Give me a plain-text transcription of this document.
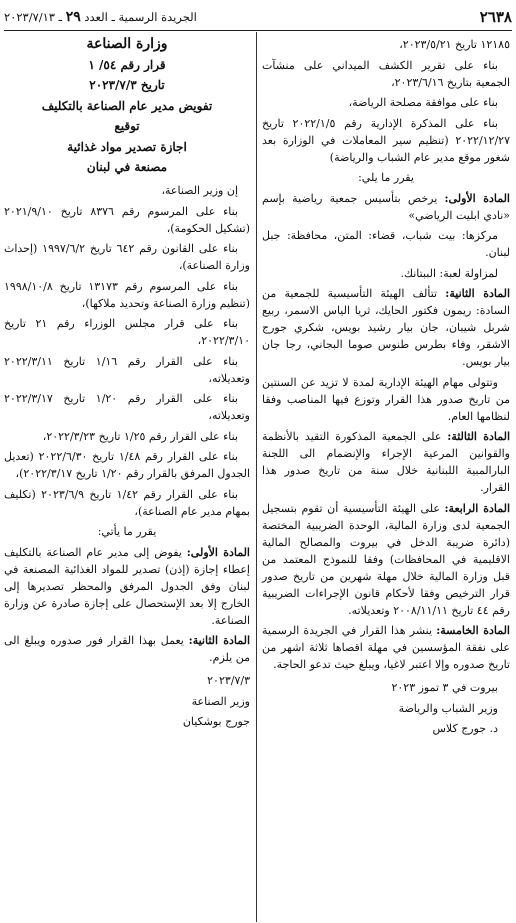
٢٦٣٨
الجريدة الرسمية ـ العدد ٢٩ ـ ٢٠٢٣/٧/١٣

١٢١٨٥ تاريخ ٢٠٢٣/٥/٢١،

بناء على تقرير الكشف الميداني على منشآت الجمعية بتاريخ ٢٠٢٣/٦/١٦،

بناء على موافقة مصلحة الرياضة،

بناء على المذكرة الإدارية رقم ٢٠٢٢/١/٥ تاريخ ٢٠٢٢/١٢/٢٧ (تنظيم سير المعاملات في الوزارة بعد شغور موقع مدير عام الشباب والرياضة)

يقرر ما يلي:

المادة الأولى: يرخص بتأسيس جمعية رياضية بإسم «نادي ابليت الرياضي»

مركزها: بيت شباب، قضاء: المتن، محافظة: جبل لبنان.

لمزاولة لعبة: الببتانك.

المادة الثانية: تتألف الهيئة التأسيسية للجمعية من السادة: ريمون فكتور الحايك، ثريا الياس الاسمر، ربيع شربل شيبان، جان بيار رشيد بويس، شكري جورج الاشقر، وفاء بطرس طنوس صوما البجاني، رجا جان بيار بويس.

وتتولى مهام الهيئة الإدارية لمدة لا تزيد عن السنتين من تاريخ صدور هذا القرار وتوزع فيها المناصب وفقا لنظامها العام.

المادة الثالثة: على الجمعية المذكورة التقيد بالأنظمة والقوانين المرعية الإجراء والإنضمام الى اللجنة البارالمبية اللبنانية خلال سنة من تاريخ صدور هذا القرار.

المادة الرابعة: على الهيئة التأسيسية أن تقوم بتسجيل الجمعية لدى وزارة المالية، الوحدة الضريبية المختصة (دائرة ضريبة الدخل في بيروت والمصالح المالية الاقليمية في المحافظات) وفقا للنموذج المعتمد من قبل وزارة المالية خلال مهلة شهرين من تاريخ صدور قرار الترخيص وفقا لأحكام قانون الإجراءات الضريبية رقم ٤٤ تاريخ ٢٠٠٨/١١/١١ وتعديلاته.

المادة الخامسة: ينشر هذا القرار في الجريدة الرسمية على نفقة المؤسسين في مهلة اقصاها ثلاثة اشهر من تاريخ صدوره وإلا اعتبر لاغيا، ويبلغ حيث تدعو الحاجة.

بيروت في ٣ تموز ٢٠٢٣

وزير الشباب والرياضة

د. جورج كلاس

وزارة الصناعة

قرار رقم ٥٤/ ١

تاريخ ٢٠٢٣/٧/٣

تفويض مدير عام الصناعة بالتكليف

توقيع

اجازة تصدير مواد غذائية

مصنعة في لبنان

إن وزير الصناعة،

بناء على المرسوم رقم ٨٣٧٦ تاريخ ٢٠٢١/٩/١٠ (تشكيل الحكومة)،

بناء على القانون رقم ٦٤٢ تاريخ ١٩٩٧/٦/٢ (إحداث وزارة الصناعة)،

بناء على المرسوم رقم ١٣١٧٣ تاريخ ١٩٩٨/١٠/٨ (تنظيم وزارة الصناعة وتحديد ملاكها)،

بناء على قرار مجلس الوزراء رقم ٢١ تاريخ ٢٠٢٢/٣/١٠،

بناء على القرار رقم ١/١٦ تاريخ ٢٠٢٢/٣/١١ وتعديلاته،

بناء على القرار رقم ١/٢٠ تاريخ ٢٠٢٢/٣/١٧ وتعديلاته،

بناء على القرار رقم ١/٢٥ تاريخ ٢٠٢٢/٣/٢٣،

بناء على القرار رقم ١/٤٨ تاريخ ٢٠٢٢/٦/٣٠ (تعديل الجدول المرفق بالقرار رقم ١/٢٠ تاريخ ٢٠٢٢/٣/١٧)،

بناء على القرار رقم ١/٤٢ تاريخ ٢٠٢٣/٦/٩ (تكليف بمهام مدير عام الصناعة)،

يقرر ما يأتي:

المادة الأولى: يفوض إلى مدير عام الصناعة بالتكليف إعطاء إجازة (إذن) تصدير للمواد الغذائية المصنعة في لبنان وفق الجدول المرفق والمحظر تصديرها إلى الخارج إلا بعد الإستحصال على إجازة صادرة عن وزارة الصناعة.

المادة الثانية: يعمل بهذا القرار فور صدوره ويبلغ الى من يلزم.

٢٠٢٣/٧/٣

وزير الصناعة

جورج بوشكيان
